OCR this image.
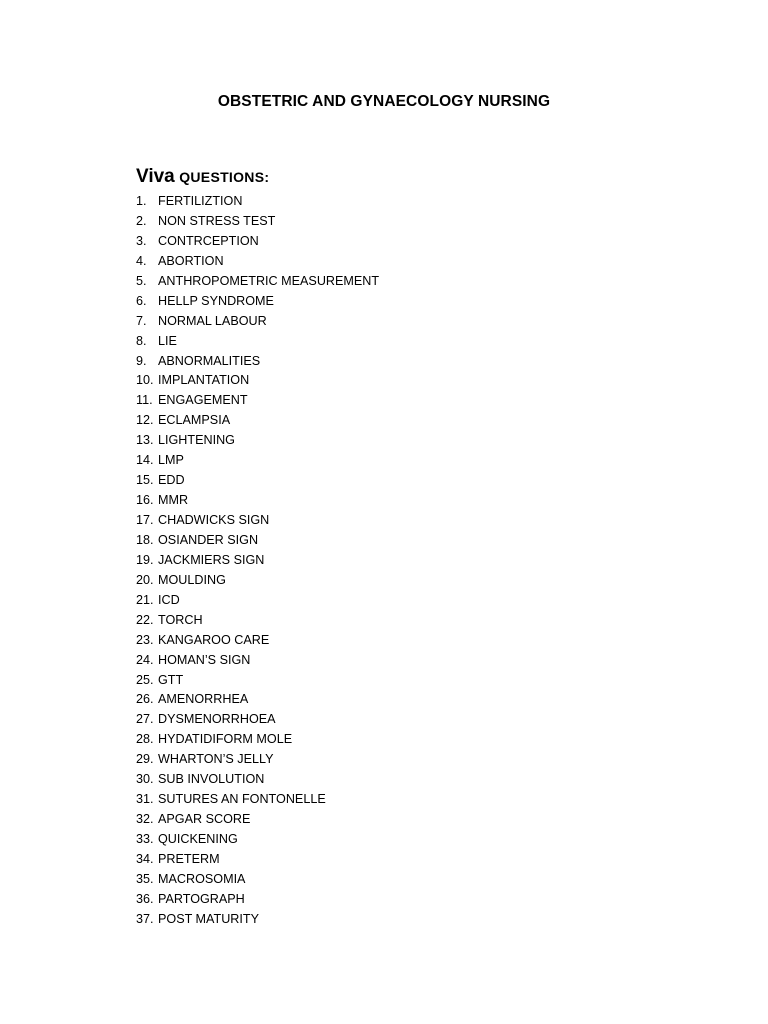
OBSTETRIC AND GYNAECOLOGY NURSING
Viva QUESTIONS:
1. FERTILIZTION
2. NON STRESS TEST
3. CONTRCEPTION
4. ABORTION
5. ANTHROPOMETRIC MEASUREMENT
6. HELLP SYNDROME
7. NORMAL LABOUR
8. LIE
9. ABNORMALITIES
10. IMPLANTATION
11. ENGAGEMENT
12. ECLAMPSIA
13. LIGHTENING
14. LMP
15. EDD
16. MMR
17. CHADWICKS SIGN
18. OSIANDER SIGN
19. JACKMIERS SIGN
20. MOULDING
21. ICD
22. TORCH
23. KANGAROO CARE
24. HOMAN’S SIGN
25. GTT
26. AMENORRHEA
27. DYSMENORRHOEA
28. HYDATIDIFORM MOLE
29. WHARTON’S JELLY
30. SUB INVOLUTION
31. SUTURES AN FONTONELLE
32. APGAR SCORE
33. QUICKENING
34. PRETERM
35. MACROSOMIA
36. PARTOGRAPH
37. POST MATURITY
